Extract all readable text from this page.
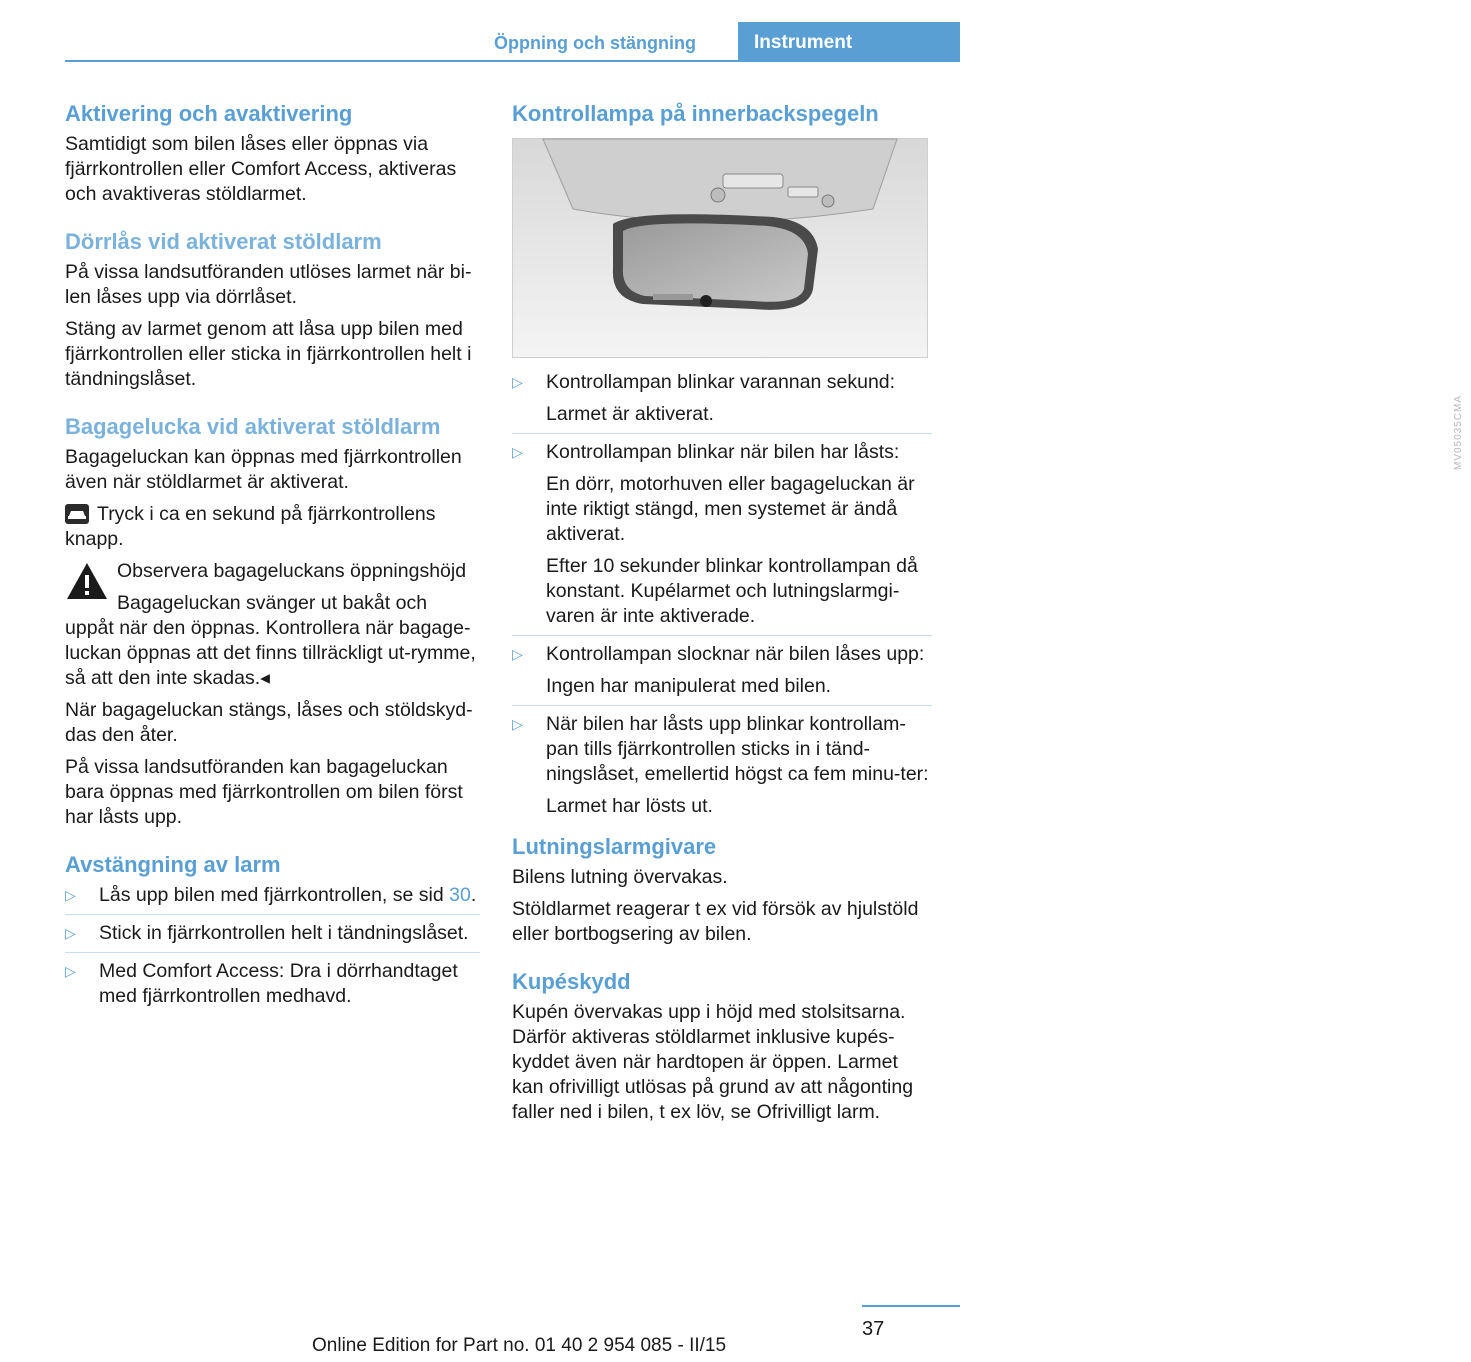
Öppning och stängning	Instrument
Aktivering och avaktivering
Samtidigt som bilen låses eller öppnas via fjärrkontrollen eller Comfort Access, aktiveras och avaktiveras stöldlarmet.
Dörrlås vid aktiverat stöldlarm
På vissa landsutföranden utlöses larmet när bi-len låses upp via dörrlåset.
Stäng av larmet genom att låsa upp bilen med fjärrkontrollen eller sticka in fjärrkontrollen helt i tändningslåset.
Bagagelucka vid aktiverat stöldlarm
Bagageluckan kan öppnas med fjärrkontrollen även när stöldlarmet är aktiverat.
Tryck i ca en sekund på fjärrkontrollens knapp.
Observera bagageluckans öppningshöjd
Bagageluckan svänger ut bakåt och uppåt när den öppnas. Kontrollera när bagage-luckan öppnas att det finns tillräckligt ut-rymme, så att den inte skadas.◂
När bagageluckan stängs, låses och stöldskyd-das den åter.
På vissa landsutföranden kan bagageluckan bara öppnas med fjärrkontrollen om bilen först har låsts upp.
Avstängning av larm
▷ Lås upp bilen med fjärrkontrollen, se sid 30.
▷ Stick in fjärrkontrollen helt i tändningslåset.
▷ Med Comfort Access: Dra i dörrhandtaget med fjärrkontrollen medhavd.
Kontrollampa på innerbackspegeln
MV05035CMA
▷ Kontrollampan blinkar varannan sekund:
Larmet är aktiverat.
▷ Kontrollampan blinkar när bilen har låsts:
En dörr, motorhuven eller bagageluckan är inte riktigt stängd, men systemet är ändå aktiverat.
Efter 10 sekunder blinkar kontrollampan då konstant. Kupélarmet och lutningslarmgi-varen är inte aktiverade.
▷ Kontrollampan slocknar när bilen låses upp:
Ingen har manipulerat med bilen.
▷ När bilen har låsts upp blinkar kontrollam-pan tills fjärrkontrollen sticks in i tänd-ningslåset, emellertid högst ca fem minu-ter:
Larmet har lösts ut.
Lutningslarmgivare
Bilens lutning övervakas.
Stöldlarmet reagerar t ex vid försök av hjulstöld eller bortbogsering av bilen.
Kupéskydd
Kupén övervakas upp i höjd med stolsitsarna. Därför aktiveras stöldlarmet inklusive kupés-kyddet även när hardtopen är öppen. Larmet kan ofrivilligt utlösas på grund av att någonting faller ned i bilen, t ex löv, se Ofrivilligt larm.
37
Online Edition for Part no. 01 40 2 954 085 - II/15
